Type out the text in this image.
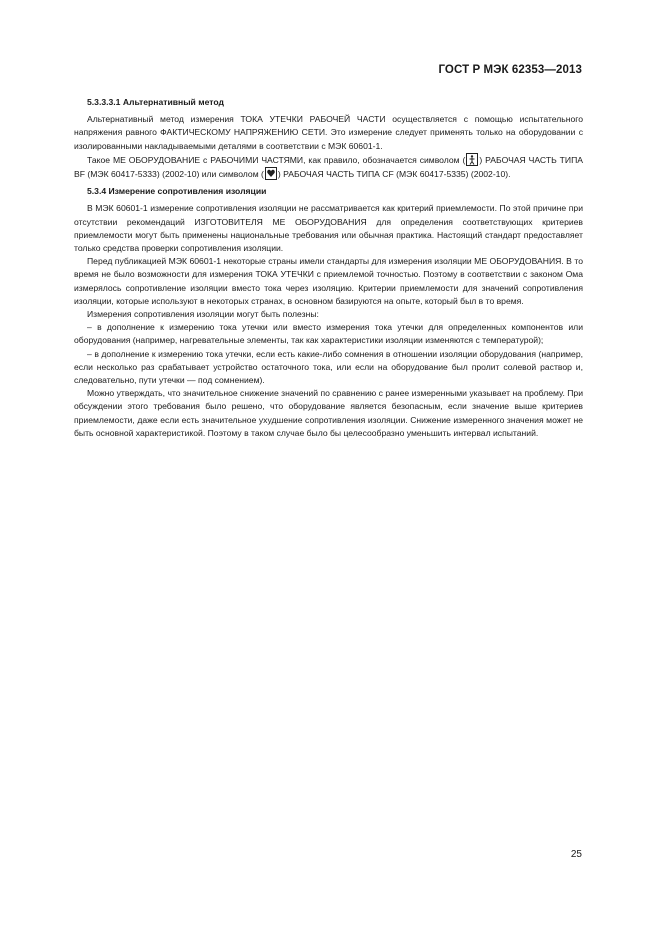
ГОСТ Р МЭК 62353—2013

5.3.3.3.1 Альтернативный метод

Альтернативный метод измерения ТОКА УТЕЧКИ РАБОЧЕЙ ЧАСТИ осуществляется с помощью испытательного напряжения равного ФАКТИЧЕСКОМУ НАПРЯЖЕНИЮ СЕТИ. Это измерение следует применять только на оборудовании с изолированными накладываемыми деталями в соответствии с МЭК 60601-1.

Такое МЕ ОБОРУДОВАНИЕ с РАБОЧИМИ ЧАСТЯМИ, как правило, обозначается символом ( ) РАБОЧАЯ ЧАСТЬ ТИПА BF (МЭК 60417-5333) (2002-10) или символом ( ) РАБОЧАЯ ЧАСТЬ ТИПА CF (МЭК 60417-5335) (2002-10).

5.3.4 Измерение сопротивления изоляции

В МЭК 60601-1 измерение сопротивления изоляции не рассматривается как критерий приемлемости. По этой причине при отсутствии рекомендаций ИЗГОТОВИТЕЛЯ МЕ ОБОРУДОВАНИЯ для определения соответствующих критериев приемлемости могут быть применены национальные требования или обычная практика. Настоящий стандарт предоставляет только средства проверки сопротивления изоляции.

Перед публикацией МЭК 60601-1 некоторые страны имели стандарты для измерения изоляции МЕ ОБОРУДОВАНИЯ. В то время не было возможности для измерения ТОКА УТЕЧКИ с приемлемой точностью. Поэтому в соответствии с законом Ома измерялось сопротивление изоляции вместо тока через изоляцию. Критерии приемлемости для значений сопротивления изоляции, которые используют в некоторых странах, в основном базируются на опыте, который был в то время.

Измерения сопротивления изоляции могут быть полезны:

– в дополнение к измерению тока утечки или вместо измерения тока утечки для определенных компонентов или оборудования (например, нагревательные элементы, так как характеристики изоляции изменяются с температурой);

– в дополнение к измерению тока утечки, если есть какие-либо сомнения в отношении изоляции оборудования (например, если несколько раз срабатывает устройство остаточного тока, или если на оборудование был пролит солевой раствор и, следовательно, пути утечки — под сомнением).

Можно утверждать, что значительное снижение значений по сравнению с ранее измеренными указывает на проблему. При обсуждении этого требования было решено, что оборудование является безопасным, если значение выше критериев приемлемости, даже если есть значительное ухудшение сопротивления изоляции. Снижение измеренного значения может не быть основной характеристикой. Поэтому в таком случае было бы целесообразно уменьшить интервал испытаний.

25
